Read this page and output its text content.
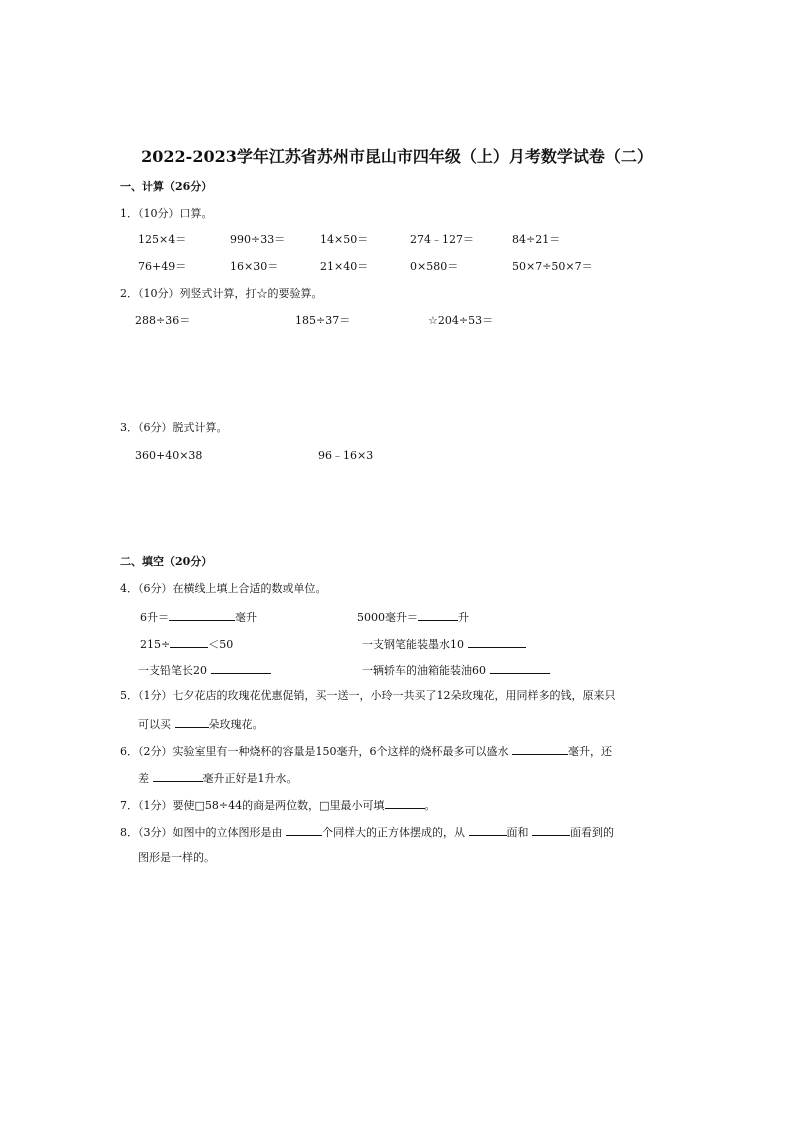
2022-2023学年江苏省苏州市昆山市四年级（上）月考数学试卷（二）
一、计算（26分）
1．（10分）口算。
125×4＝	990÷33＝	14×50＝	274﹣127＝	84÷21＝
76+49＝	16×30＝	21×40＝	0×580＝	50×7÷50×7＝
2．（10分）列竖式计算，打☆的要验算。
288÷36＝	185÷37＝	☆204÷53＝
3．（6分）脱式计算。
360+40×38	96﹣16×3
二、填空（20分）
4．（6分）在横线上填上合适的数或单位。
6升＝	毫升	5000毫升＝	升
215÷	＜50	一支钢笔能装墨水10
一支铅笔长20	一辆轿车的油箱能装油60
5．（1分）七夕花店的玫瑰花优惠促销，买一送一，小玲一共买了12朵玫瑰花，用同样多的钱，原来只
可以买	朵玫瑰花。
6．（2分）实验室里有一种烧杯的容量是150毫升，6个这样的烧杯最多可以盛水	毫升，还
差	毫升正好是1升水。
7．（1分）要使□58÷44的商是两位数，□里最小可填	。
8．（3分）如图中的立体图形是由	个同样大的正方体摆成的，从	面和	面看到的
图形是一样的。
